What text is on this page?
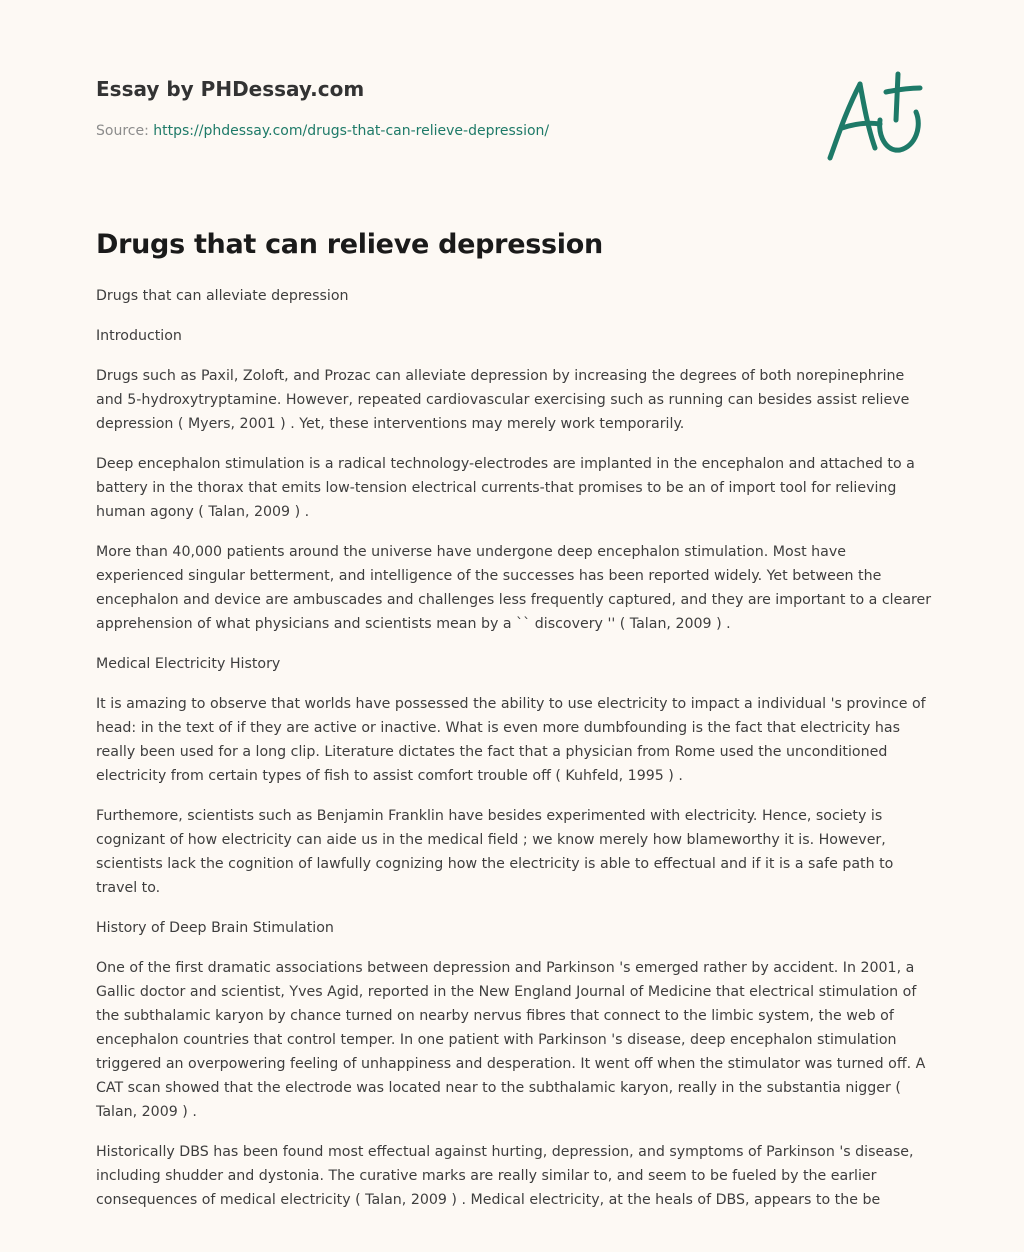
Essay by PHDessay.com
Source: https://phdessay.com/drugs-that-can-relieve-depression/
Drugs that can relieve depression

Drugs that can alleviate depression

Introduction

Drugs such as Paxil, Zoloft, and Prozac can alleviate depression by increasing the degrees of both norepinephrine and 5-hydroxytryptamine. However, repeated cardiovascular exercising such as running can besides assist relieve depression ( Myers, 2001 ) . Yet, these interventions may merely work temporarily.

Deep encephalon stimulation is a radical technology-electrodes are implanted in the encephalon and attached to a battery in the thorax that emits low-tension electrical currents-that promises to be an of import tool for relieving human agony ( Talan, 2009 ) .

More than 40,000 patients around the universe have undergone deep encephalon stimulation. Most have experienced singular betterment, and intelligence of the successes has been reported widely. Yet between the encephalon and device are ambuscades and challenges less frequently captured, and they are important to a clearer apprehension of what physicians and scientists mean by a `` discovery '' ( Talan, 2009 ) .

Medical Electricity History

It is amazing to observe that worlds have possessed the ability to use electricity to impact a individual 's province of head: in the text of if they are active or inactive. What is even more dumbfounding is the fact that electricity has really been used for a long clip. Literature dictates the fact that a physician from Rome used the unconditioned electricity from certain types of fish to assist comfort trouble off ( Kuhfeld, 1995 ) .

Furthemore, scientists such as Benjamin Franklin have besides experimented with electricity. Hence, society is cognizant of how electricity can aide us in the medical field ; we know merely how blameworthy it is. However, scientists lack the cognition of lawfully cognizing how the electricity is able to effectual and if it is a safe path to travel to.

History of Deep Brain Stimulation

One of the first dramatic associations between depression and Parkinson 's emerged rather by accident. In 2001, a Gallic doctor and scientist, Yves Agid, reported in the New England Journal of Medicine that electrical stimulation of the subthalamic karyon by chance turned on nearby nervus fibres that connect to the limbic system, the web of encephalon countries that control temper. In one patient with Parkinson 's disease, deep encephalon stimulation triggered an overpowering feeling of unhappiness and desperation. It went off when the stimulator was turned off. A CAT scan showed that the electrode was located near to the subthalamic karyon, really in the substantia nigger ( Talan, 2009 ) .

Historically DBS has been found most effectual against hurting, depression, and symptoms of Parkinson 's disease, including shudder and dystonia. The curative marks are really similar to, and seem to be fueled by the earlier consequences of medical electricity ( Talan, 2009 ) . Medical electricity, at the heals of DBS, appears to the be
